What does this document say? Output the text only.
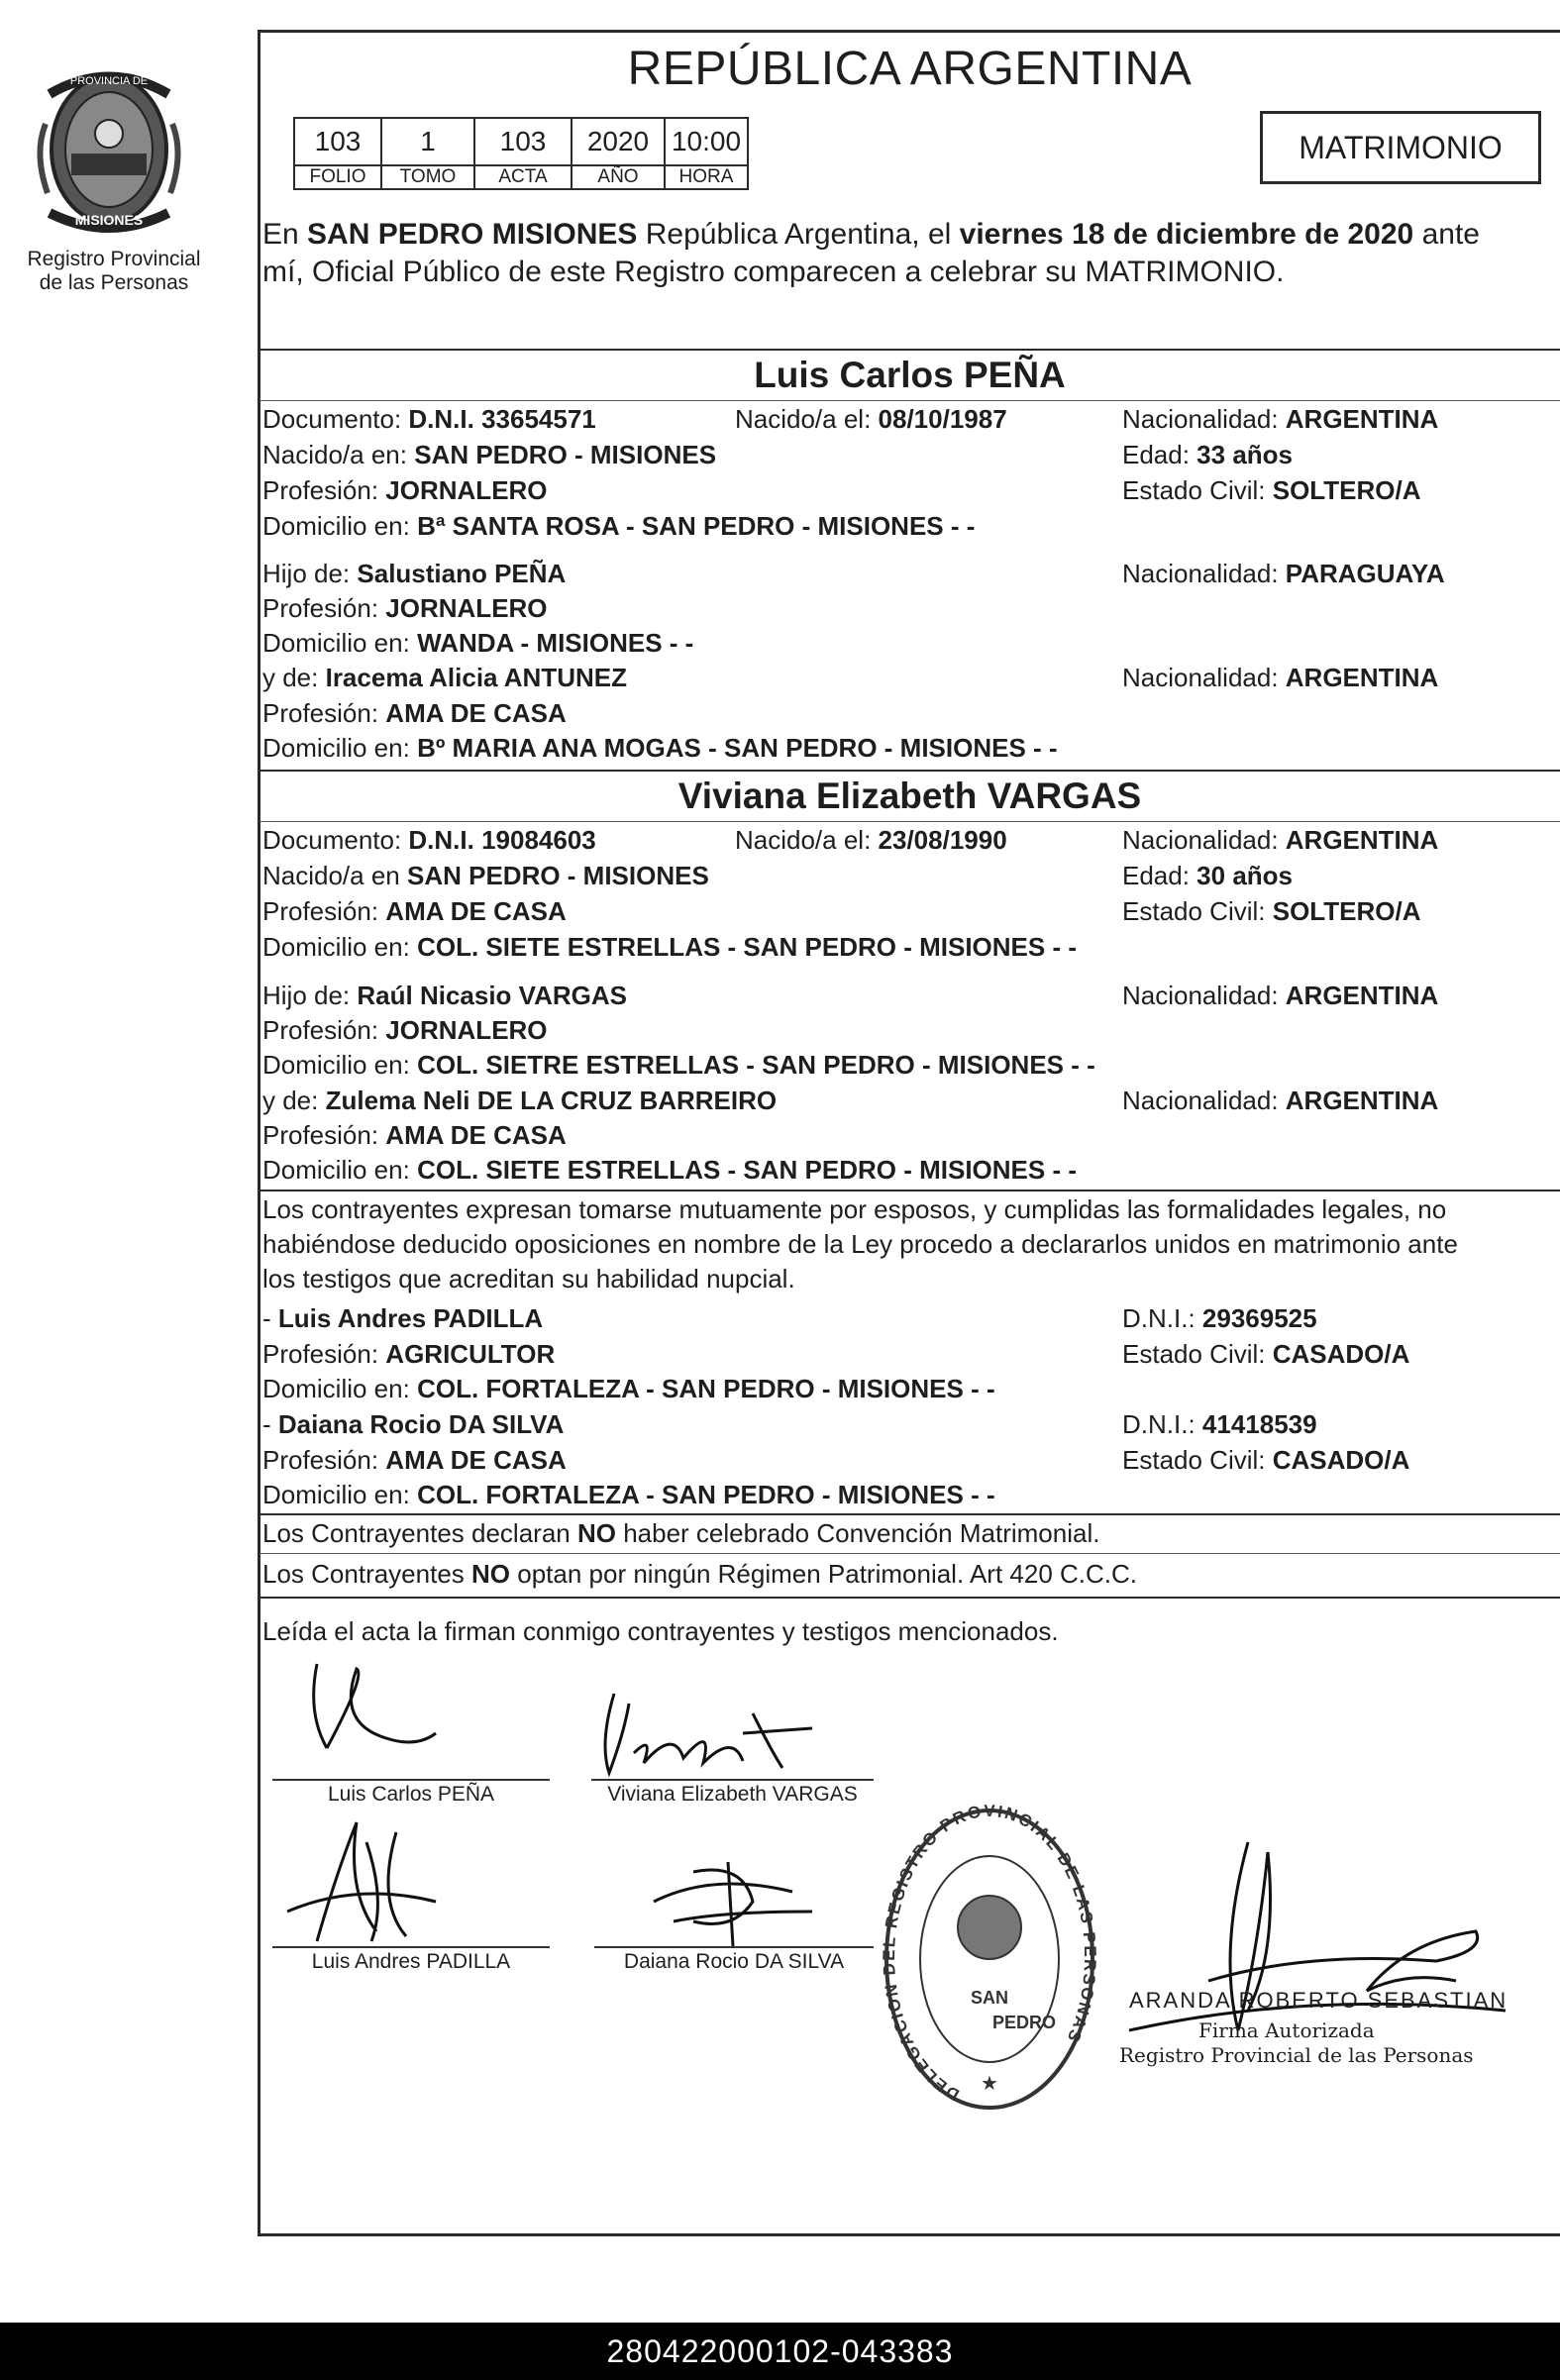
PROVINCIA DE
MISIONES
Registro Provincial
de las Personas
REPÚBLICA ARGENTINA
103	1	103	2020	10:00
FOLIO	TOMO	ACTA	AÑO	HORA
MATRIMONIO
En SAN PEDRO MISIONES República Argentina, el viernes 18 de diciembre de 2020 ante
mí, Oficial Público de este Registro comparecen a celebrar su MATRIMONIO.
Luis Carlos PEÑA
Documento: D.N.I. 33654571	Nacido/a el: 08/10/1987	Nacionalidad: ARGENTINA
Nacido/a en: SAN PEDRO - MISIONES	Edad: 33 años
Profesión: JORNALERO	Estado Civil: SOLTERO/A
Domicilio en: Bª SANTA ROSA - SAN PEDRO - MISIONES - -
Hijo de: Salustiano PEÑA	Nacionalidad: PARAGUAYA
Profesión: JORNALERO
Domicilio en: WANDA - MISIONES - -
y de: Iracema Alicia ANTUNEZ	Nacionalidad: ARGENTINA
Profesión: AMA DE CASA
Domicilio en: Bº MARIA ANA MOGAS - SAN PEDRO - MISIONES - -
Viviana Elizabeth VARGAS
Documento: D.N.I. 19084603	Nacido/a el: 23/08/1990	Nacionalidad: ARGENTINA
Nacido/a en SAN PEDRO - MISIONES	Edad: 30 años
Profesión: AMA DE CASA	Estado Civil: SOLTERO/A
Domicilio en: COL. SIETE ESTRELLAS - SAN PEDRO - MISIONES - -
Hijo de: Raúl Nicasio VARGAS	Nacionalidad: ARGENTINA
Profesión: JORNALERO
Domicilio en: COL. SIETRE ESTRELLAS - SAN PEDRO - MISIONES - -
y de: Zulema Neli DE LA CRUZ BARREIRO	Nacionalidad: ARGENTINA
Profesión: AMA DE CASA
Domicilio en: COL. SIETE ESTRELLAS - SAN PEDRO - MISIONES - -
Los contrayentes expresan tomarse mutuamente por esposos, y cumplidas las formalidades legales, no
habiéndose deducido oposiciones en nombre de la Ley procedo a declararlos unidos en matrimonio ante
los testigos que acreditan su habilidad nupcial.
- Luis Andres PADILLA	D.N.I.: 29369525
Profesión: AGRICULTOR	Estado Civil: CASADO/A
Domicilio en: COL. FORTALEZA - SAN PEDRO - MISIONES - -
- Daiana Rocio DA SILVA	D.N.I.: 41418539
Profesión: AMA DE CASA	Estado Civil: CASADO/A
Domicilio en: COL. FORTALEZA - SAN PEDRO - MISIONES - -
Los Contrayentes declaran NO haber celebrado Convención Matrimonial.
Los Contrayentes NO optan por ningún Régimen Patrimonial. Art 420 C.C.C.
Leída el acta la firman conmigo contrayentes y testigos mencionados.
Luis Carlos PEÑA	Viviana Elizabeth VARGAS
Luis Andres PADILLA	Daiana Rocio DA SILVA
DELEGACION L REGISTRO PROVINCIAL DE LAS P SONAS
SAN
PEDRO
★
ARANDA ROBERTO SEBASTIAN
Firma Autorizada
Registro Provincial de las Personas
280422000102-043383
